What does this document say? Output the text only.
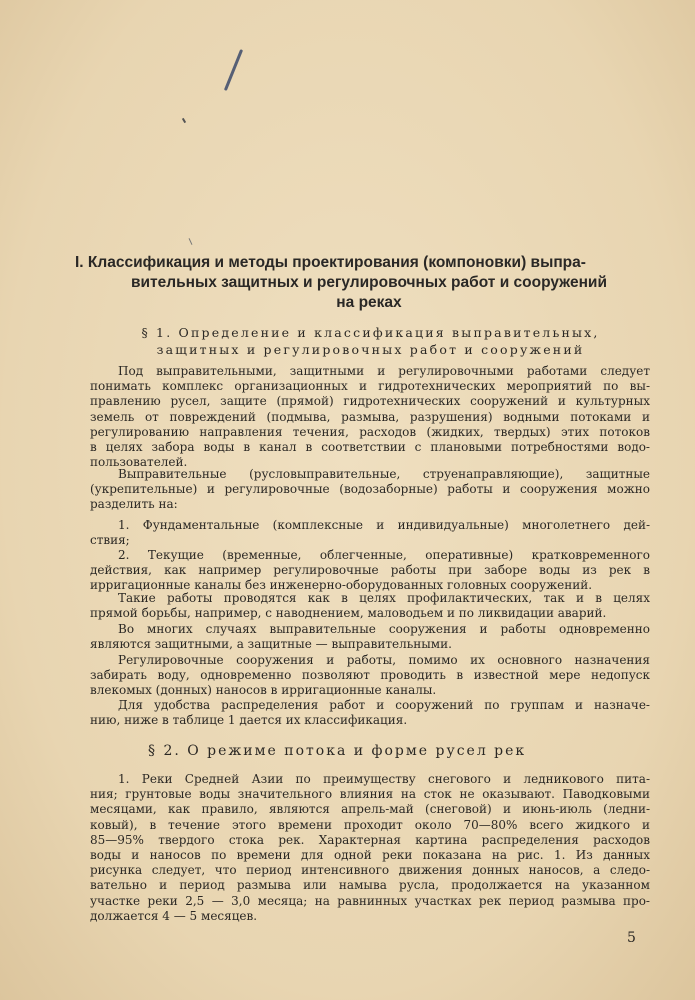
I. Классификация и методы проектирования (компоновки) выпра-
вительных защитных и регулировочных работ и сооружений
на реках
§ 1. Определение и классификация выправительных,
защитных и регулировочных работ и сооружений
Под выправительными, защитными и регулировочными работами следует
понимать комплекс организационных и гидротехнических мероприятий по вы-
правлению русел, защите (прямой) гидротехнических сооружений и культурных
земель от повреждений (подмыва, размыва, разрушения) водными потоками и
регулированию направления течения, расходов (жидких, твердых) этих потоков
в целях забора воды в канал в соответствии с плановыми потребностями водо-
пользователей.
Выправительные (русловыправительные, струенаправляющие), защитные
(укрепительные) и регулировочные (водозаборные) работы и сооружения можно
разделить на:
1. Фундаментальные (комплексные и индивидуальные) многолетнего дей-
ствия;
2. Текущие (временные, облегченные, оперативные) кратковременного
действия, как например регулировочные работы при заборе воды из рек в
ирригационные каналы без инженерно-оборудованных головных сооружений.
Такие работы проводятся как в целях профилактических, так и в целях
прямой борьбы, например, с наводнением, маловодьем и по ликвидации аварий.
Во многих случаях выправительные сооружения и работы одновременно
являются защитными, а защитные — выправительными.
Регулировочные сооружения и работы, помимо их основного назначения
забирать воду, одновременно позволяют проводить в известной мере недопуск
влекомых (донных) наносов в ирригационные каналы.
Для удобства распределения работ и сооружений по группам и назначе-
нию, ниже в таблице 1 дается их классификация.
§ 2. О режиме потока и форме русел рек
1. Реки Средней Азии по преимуществу снегового и ледникового пита-
ния; грунтовые воды значительного влияния на сток не оказывают. Паводковыми
месяцами, как правило, являются апрель-май (снеговой) и июнь-июль (ледни-
ковый), в течение этого времени проходит около 70—80% всего жидкого и
85—95% твердого стока рек. Характерная картина распределения расходов
воды и наносов по времени для одной реки показана на рис. 1. Из данных
рисунка следует, что период интенсивного движения донных наносов, а следо-
вательно и период размыва или намыва русла, продолжается на указанном
участке реки 2,5 — 3,0 месяца; на равнинных участках рек период размыва про-
должается 4 — 5 месяцев.
5
